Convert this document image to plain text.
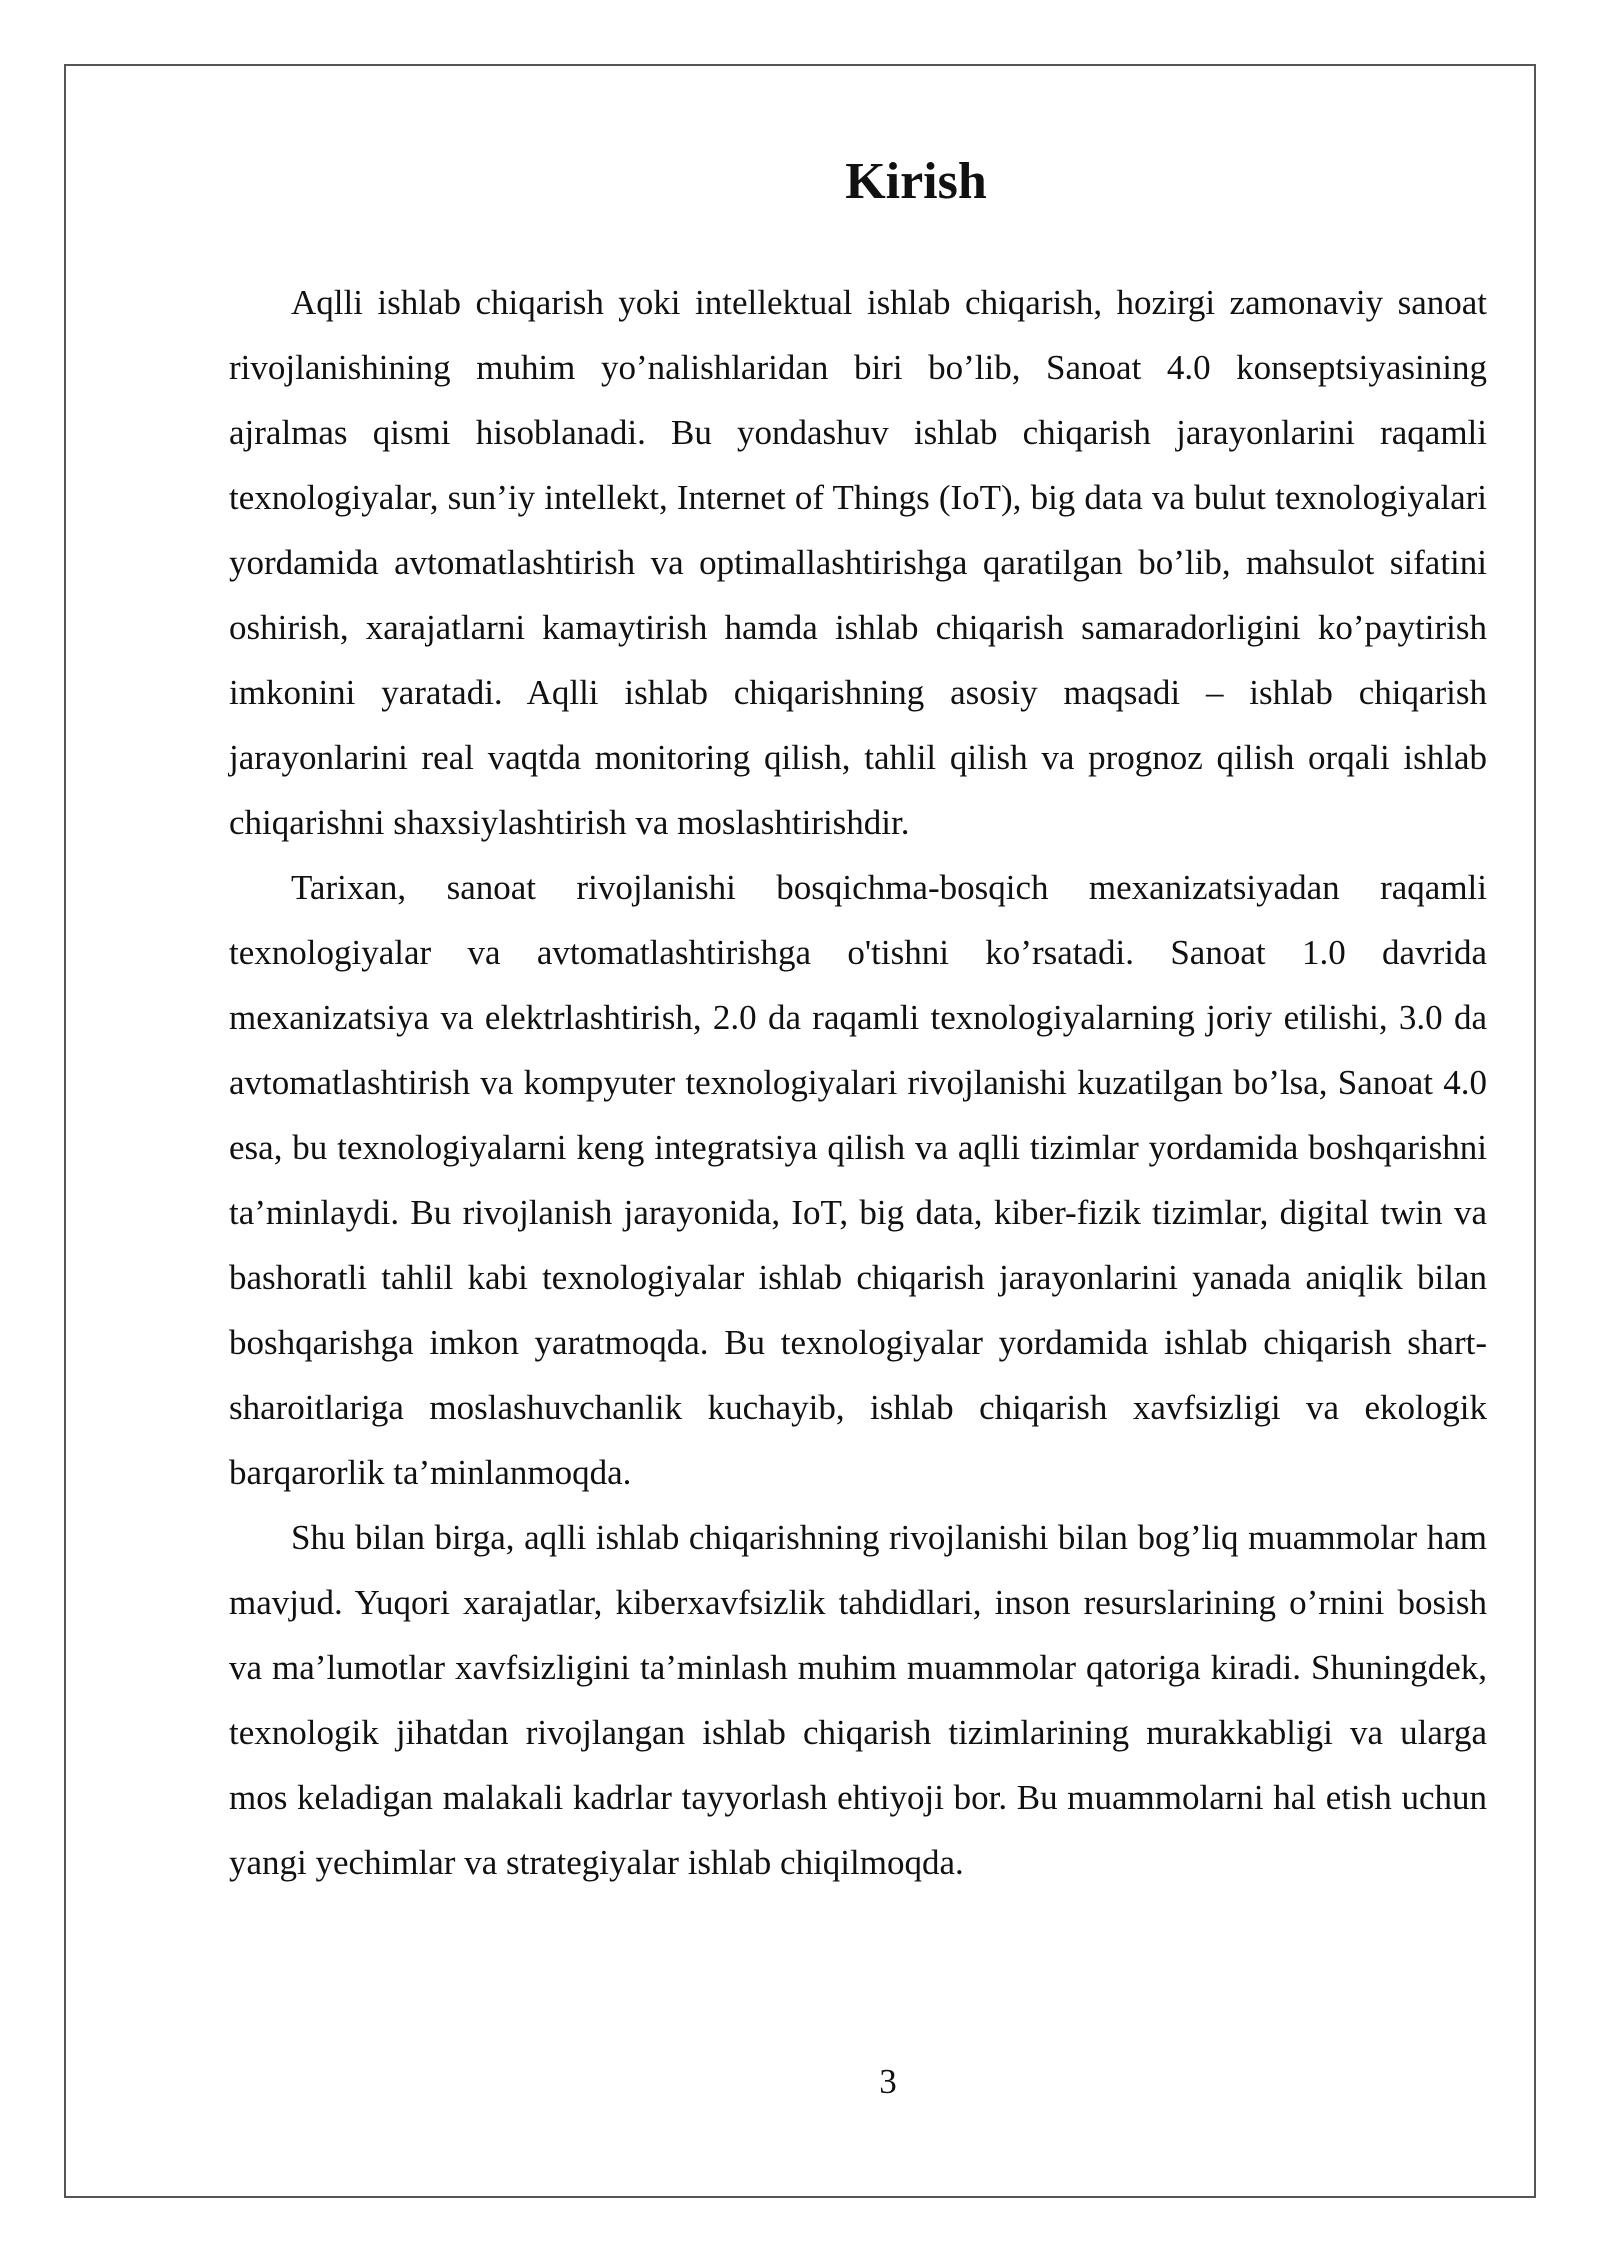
Kirish

Aqlli ishlab chiqarish yoki intellektual ishlab chiqarish, hozirgi zamonaviy sanoat rivojlanishining muhim yo’nalishlaridan biri bo’lib, Sanoat 4.0 konseptsiyasining ajralmas qismi hisoblanadi. Bu yondashuv ishlab chiqarish jarayonlarini raqamli texnologiyalar, sun’iy intellekt, Internet of Things (IoT), big data va bulut texnologiyalari yordamida avtomatlashtirish va optimallashtirishga qaratilgan bo’lib, mahsulot sifatini oshirish, xarajatlarni kamaytirish hamda ishlab chiqarish samaradorligini ko’paytirish imkonini yaratadi. Aqlli ishlab chiqarishning asosiy maqsadi – ishlab chiqarish jarayonlarini real vaqtda monitoring qilish, tahlil qilish va prognoz qilish orqali ishlab chiqarishni shaxsiylashtirish va moslashtirishdir.

Tarixan, sanoat rivojlanishi bosqichma-bosqich mexanizatsiyadan raqamli texnologiyalar va avtomatlashtirishga o'tishni ko’rsatadi. Sanoat 1.0 davrida mexanizatsiya va elektrlashtirish, 2.0 da raqamli texnologiyalarning joriy etilishi, 3.0 da avtomatlashtirish va kompyuter texnologiyalari rivojlanishi kuzatilgan bo’lsa, Sanoat 4.0 esa, bu texnologiyalarni keng integratsiya qilish va aqlli tizimlar yordamida boshqarishni ta’minlaydi. Bu rivojlanish jarayonida, IoT, big data, kiber-fizik tizimlar, digital twin va bashoratli tahlil kabi texnologiyalar ishlab chiqarish jarayonlarini yanada aniqlik bilan boshqarishga imkon yaratmoqda. Bu texnologiyalar yordamida ishlab chiqarish shart-sharoitlariga moslashuvchanlik kuchayib, ishlab chiqarish xavfsizligi va ekologik barqarorlik ta’minlanmoqda.

Shu bilan birga, aqlli ishlab chiqarishning rivojlanishi bilan bog’liq muammolar ham mavjud. Yuqori xarajatlar, kiberxavfsizlik tahdidlari, inson resurslarining o’rnini bosish va ma’lumotlar xavfsizligini ta’minlash muhim muammolar qatoriga kiradi. Shuningdek, texnologik jihatdan rivojlangan ishlab chiqarish tizimlarining murakkabligi va ularga mos keladigan malakali kadrlar tayyorlash ehtiyoji bor. Bu muammolarni hal etish uchun yangi yechimlar va strategiyalar ishlab chiqilmoqda.

3
